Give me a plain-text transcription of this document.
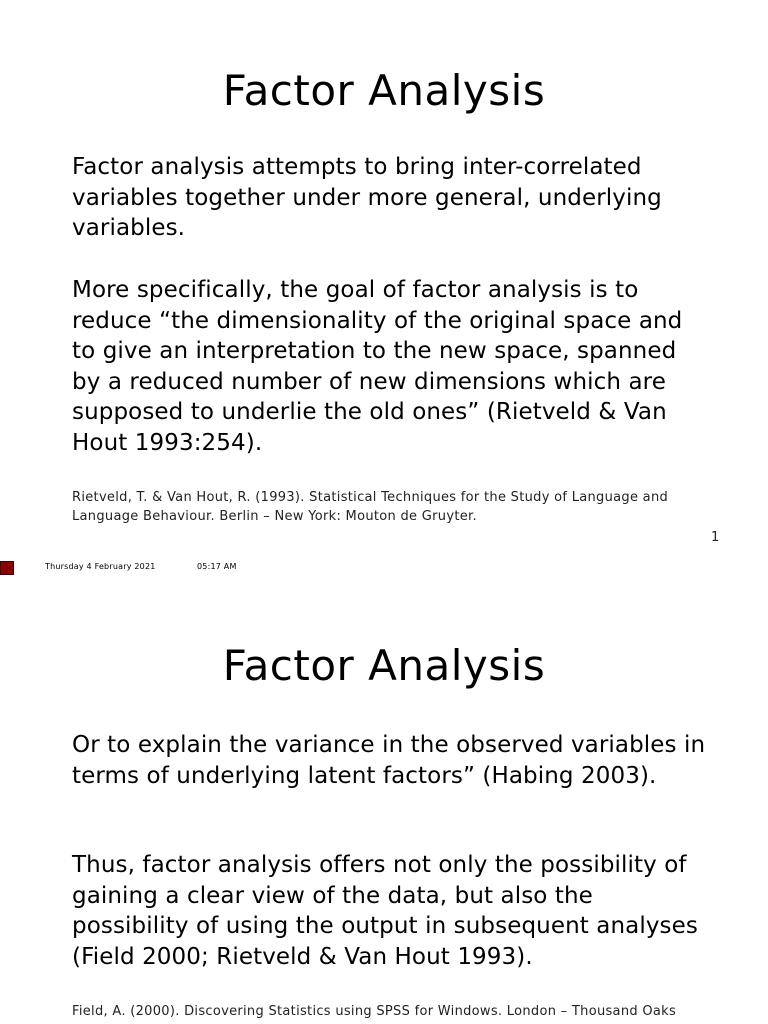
Factor Analysis
Factor analysis attempts to bring inter-correlated variables together under more general, underlying variables.
More specifically, the goal of factor analysis is to reduce “the dimensionality of the original space and to give an interpretation to the new space, spanned by a reduced number of new dimensions which are supposed to underlie the old ones” (Rietveld & Van Hout 1993:254).
Rietveld, T. & Van Hout, R. (1993). Statistical Techniques for the Study of Language and Language Behaviour. Berlin – New York: Mouton de Gruyter.
1
Thursday 4 February 2021	05:17 AM
Factor Analysis
Or to explain the variance in the observed variables in terms of underlying latent factors” (Habing 2003).
Thus, factor analysis offers not only the possibility of gaining a clear view of the data, but also the possibility of using the output in subsequent analyses (Field 2000; Rietveld & Van Hout 1993).
Field, A. (2000). Discovering Statistics using SPSS for Windows. London – Thousand Oaks
